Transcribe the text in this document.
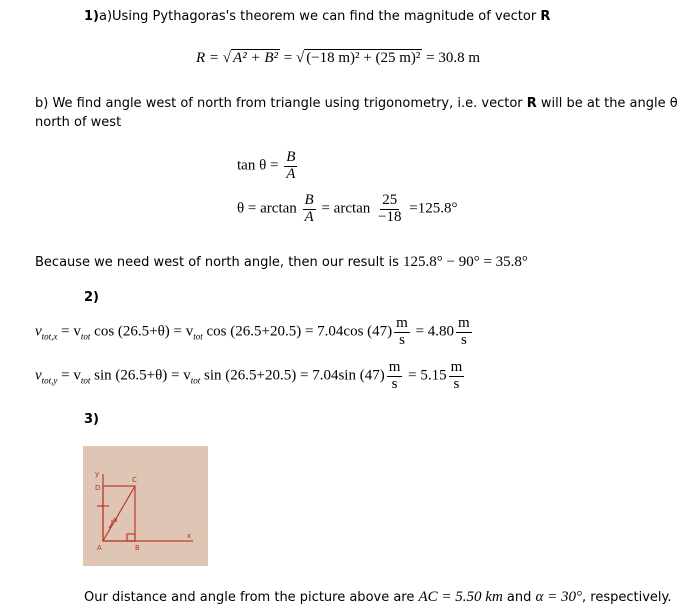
1)a)Using Pythagoras's theorem we can find the magnitude of vector R
R = √ A² + B² = √ (−18 m)² + (25 m)² = 30.8 m
b) We find angle west of north from triangle using trigonometry, i.e. vector R will be at the angle θ
north of west
$\tan \theta = \frac{B}{A}$
$\theta = \arctan \frac{B}{A} = \arctan \frac{25}{-18} =125.8^\circ$
Because we need west of north angle, then our result is 125.8° − 90° = 35.8°
2)
$v_{tot,x} = v_{tot}$ $\cos (26.5+\theta) = v_{tot}$ cos (26.5+20.5) = 7.04cos $(47) \frac{m}{s} = 4.80 \frac{m}{s}$
$v_{tot,y} = v_{tot}$ $\sin (26.5+\theta) = v_{tot}$ sin (26.5+20.5) = 7.04sin $(47) \frac{m}{s} = 5.15 \frac{m}{s}$
3)
y
D
C
A	B
x
α
Our distance and angle from the picture above are AC = 5.50 km and α = 30°, respectively.
